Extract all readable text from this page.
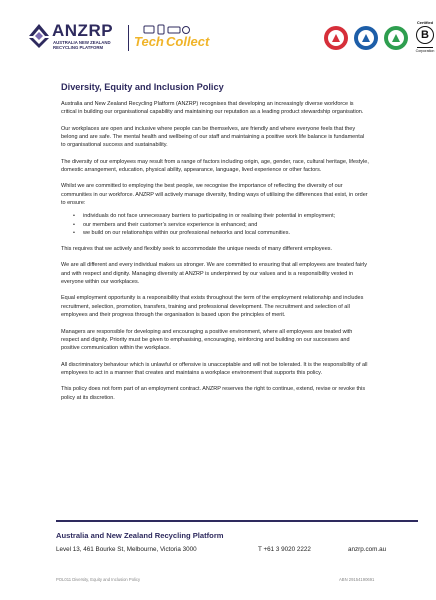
ANZRP
AUSTRALIA NEW ZEALAND RECYCLING PLATFORM	Tech Collect
Certified
B
Corporation
Diversity, Equity and Inclusion Policy

Australia and New Zealand Recycling Platform (ANZRP) recognises that developing an increasingly diverse workforce is critical in building our organisational capability and maintaining our reputation as a leading product stewardship organisation.

Our workplaces are open and inclusive where people can be themselves, are friendly and where everyone feels that they belong and are safe. The mental health and wellbeing of our staff and maintaining a positive work life balance is fundamental to organisational success and sustainability.

The diversity of our employees may result from a range of factors including origin, age, gender, race, cultural heritage, lifestyle, domestic arrangement, education, physical ability, appearance, language, lived experience or other factors.

Whilst we are committed to employing the best people, we recognise the importance of reflecting the diversity of our communities in our workforce. ANZRP will actively manage diversity, finding ways of utilising the differences that exist, in order to ensure:

• individuals do not face unnecessary barriers to participating in or realising their potential in employment;
• our members and their customer’s service experience is enhanced; and
• we build on our relationships within our professional networks and local communities.

This requires that we actively and flexibly seek to accommodate the unique needs of many different employees.

We are all different and every individual makes us stronger. We are committed to ensuring that all employees are treated fairly and with respect and dignity. Managing diversity at ANZRP is underpinned by our values and is a responsibility vested in everyone within our workplaces.

Equal employment opportunity is a responsibility that exists throughout the term of the employment relationship and includes recruitment, selection, promotion, transfers, training and professional development. The recruitment and selection of all employees and their progress through the organisation is based upon the principles of merit.

Managers are responsible for developing and encouraging a positive environment, where all employees are treated with respect and dignity. Priority must be given to emphasising, encouraging, reinforcing and building on our successes and positive communication within the workplace.

All discriminatory behaviour which is unlawful or offensive is unacceptable and will not be tolerated. It is the responsibility of all employees to act in a manner that creates and maintains a workplace environment that supports this policy.

This policy does not form part of an employment contract. ANZRP reserves the right to continue, extend, revise or revoke this policy at its discretion.

Australia and New Zealand Recycling Platform
Level 13, 461 Bourke St, Melbourne, Victoria 3000	T +61 3 9020 2222	anzrp.com.au
POL011 Diversity, Equity and Inclusion Policy	ABN 29154190691
